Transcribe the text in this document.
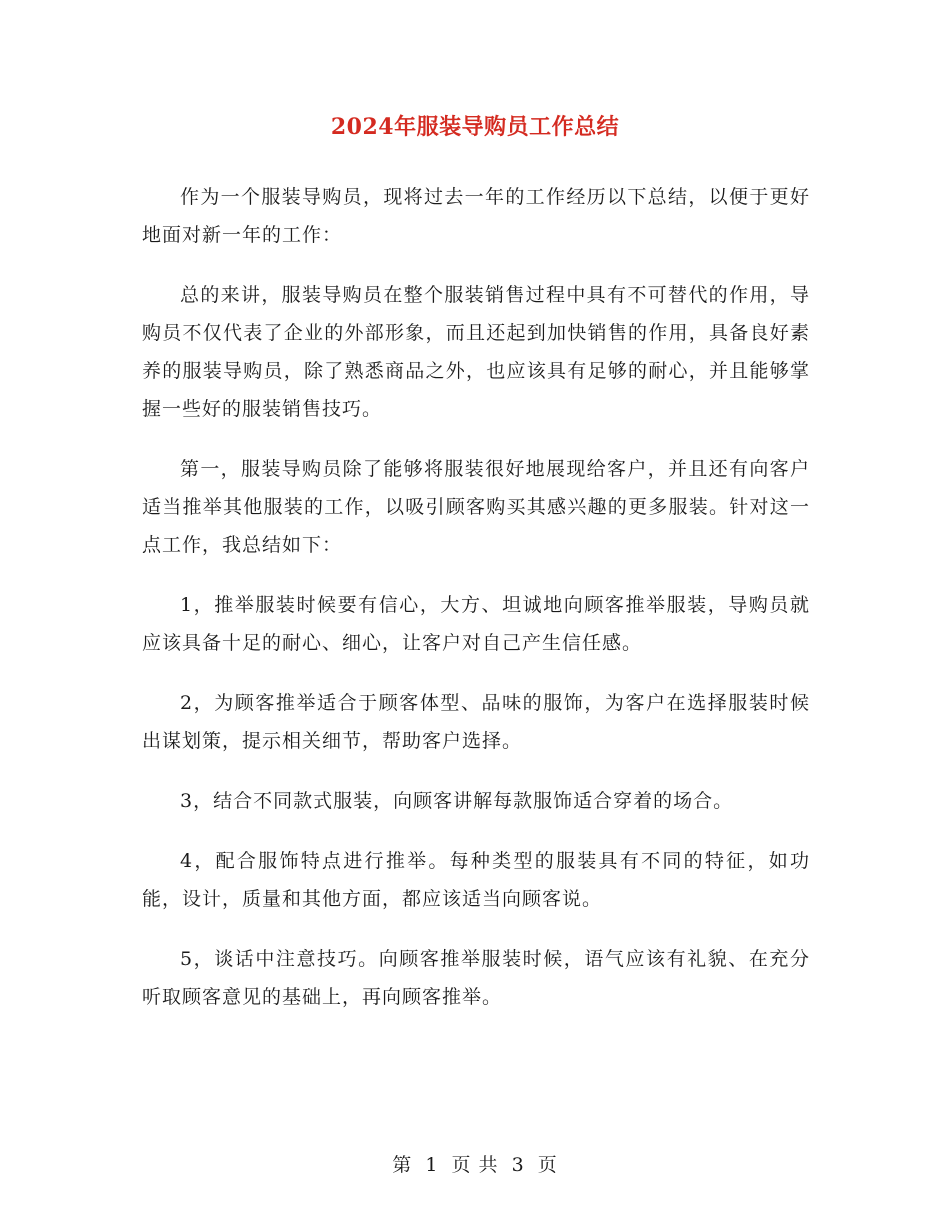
2024年服装导购员工作总结

作为一个服装导购员，现将过去一年的工作经历以下总结，以便于更好地面对新一年的工作：

总的来讲，服装导购员在整个服装销售过程中具有不可替代的作用，导购员不仅代表了企业的外部形象，而且还起到加快销售的作用，具备良好素养的服装导购员，除了熟悉商品之外，也应该具有足够的耐心，并且能够掌握一些好的服装销售技巧。

第一，服装导购员除了能够将服装很好地展现给客户，并且还有向客户适当推举其他服装的工作，以吸引顾客购买其感兴趣的更多服装。针对这一点工作，我总结如下：

1，推举服装时候要有信心，大方、坦诚地向顾客推举服装，导购员就应该具备十足的耐心、细心，让客户对自己产生信任感。

2，为顾客推举适合于顾客体型、品味的服饰，为客户在选择服装时候出谋划策，提示相关细节，帮助客户选择。

3，结合不同款式服装，向顾客讲解每款服饰适合穿着的场合。

4，配合服饰特点进行推举。每种类型的服装具有不同的特征，如功能，设计，质量和其他方面，都应该适当向顾客说。

5，谈话中注意技巧。向顾客推举服装时候，语气应该有礼貌、在充分听取顾客意见的基础上，再向顾客推举。

第 1 页 共 3 页
